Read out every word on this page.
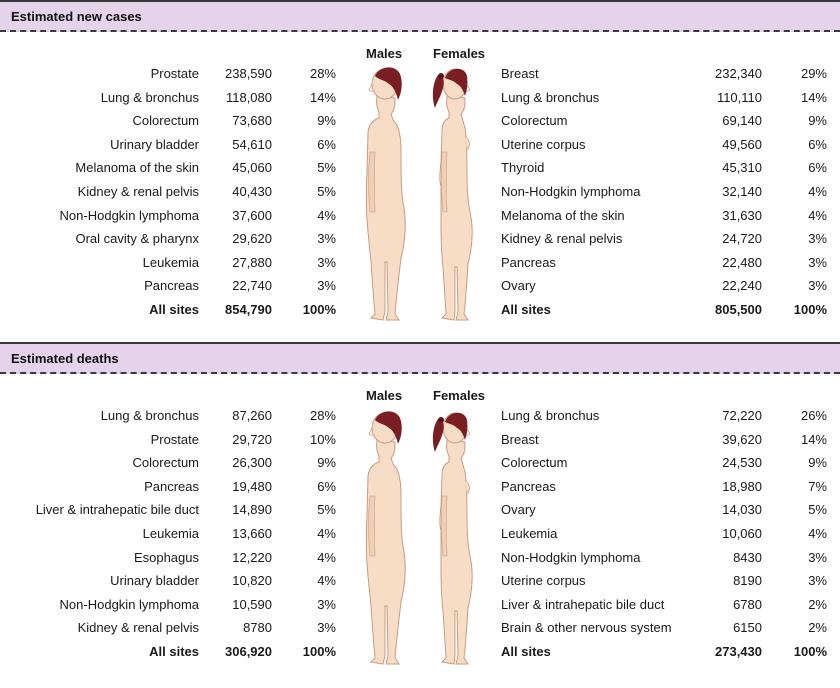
Estimated new cases
Males Females
Prostate 238,590	28%
Lung & bronchus 118,080	14%
Colorectum	73,680	9%
Urinary bladder	54,610	6%
Melanoma of the skin	45,060	5%
Kidney & renal pelvis	40,430	5%
Non-Hodgkin lymphoma	37,600	4%
Oral cavity & pharynx	29,620	3%
Leukemia	27,880	3%
Pancreas	22,740	3%
All sites 854,790 100%
Breast	232,340	29%
Lung & bronchus	110,110	14%
Colorectum	69,140	9%
Uterine corpus	49,560	6%
Thyroid	45,310	6%
Non-Hodgkin lymphoma	32,140	4%
Melanoma of the skin	31,630	4%
Kidney & renal pelvis	24,720	3%
Pancreas	22,480	3%
Ovary	22,240	3%
All sites	805,500 100%
Estimated deaths
Males Females
Lung & bronchus	87,260	28%
Prostate	29,720	10%
Colorectum	26,300	9%
Pancreas	19,480	6%
Liver & intrahepatic bile duct	14,890	5%
Leukemia	13,660	4%
Esophagus	12,220	4%
Urinary bladder	10,820	4%
Non-Hodgkin lymphoma	10,590	3%
Kidney & renal pelvis	8780	3%
All sites 306,920 100%
Lung & bronchus	72,220	26%
Breast	39,620	14%
Colorectum	24,530	9%
Pancreas	18,980	7%
Ovary	14,030	5%
Leukemia	10,060	4%
Non-Hodgkin lymphoma	8430	3%
Uterine corpus	8190	3%
Liver & intrahepatic bile duct	6780	2%
Brain & other nervous system	6150	2%
All sites	273,430 100%
